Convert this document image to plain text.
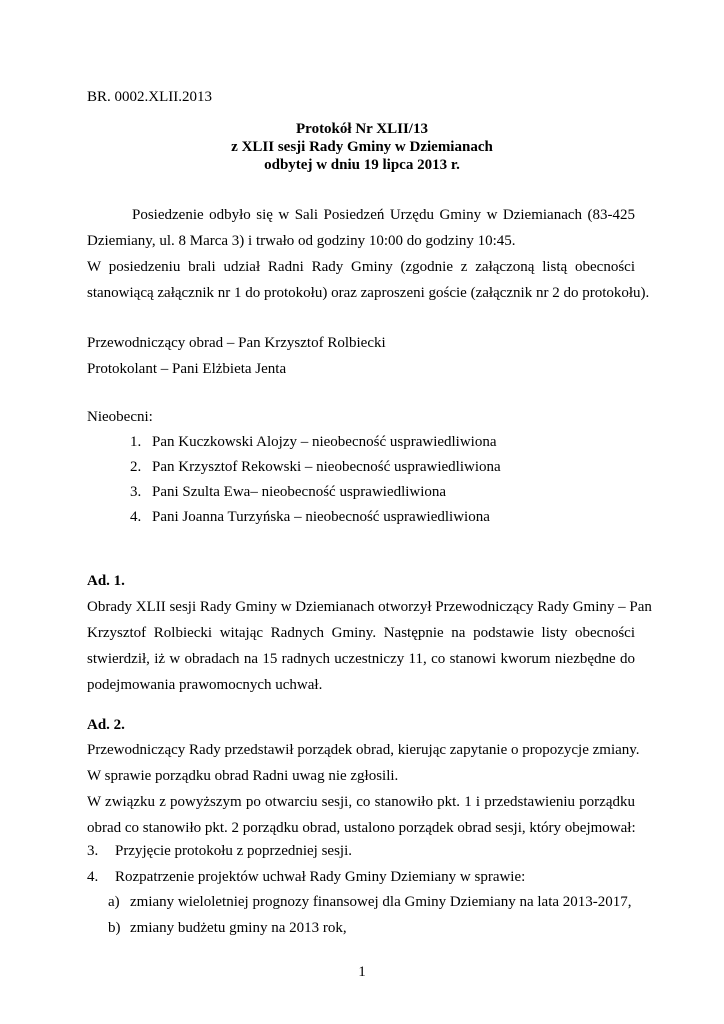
BR. 0002.XLII.2013
Protokół Nr XLII/13
z XLII sesji Rady Gminy w Dziemianach
odbytej w dniu 19 lipca 2013 r.
Posiedzenie odbyło się w Sali Posiedzeń Urzędu Gminy w Dziemianach (83-425
Dziemiany, ul. 8 Marca 3) i trwało od godziny 10:00 do godziny 10:45.
W posiedzeniu brali udział Radni Rady Gminy (zgodnie z załączoną listą obecności
stanowiącą załącznik nr 1 do protokołu) oraz zaproszeni goście (załącznik nr 2 do protokołu).
Przewodniczący obrad – Pan Krzysztof Rolbiecki
Protokolant – Pani Elżbieta Jenta
Nieobecni:
1. Pan Kuczkowski Alojzy – nieobecność usprawiedliwiona
2. Pan Krzysztof Rekowski – nieobecność usprawiedliwiona
3. Pani Szulta Ewa– nieobecność usprawiedliwiona
4. Pani Joanna Turzyńska – nieobecność usprawiedliwiona
Ad. 1.
Obrady XLII sesji Rady Gminy w Dziemianach otworzył Przewodniczący Rady Gminy – Pan
Krzysztof Rolbiecki witając Radnych Gminy. Następnie na podstawie listy obecności
stwierdził, iż w obradach na 15 radnych uczestniczy 11, co stanowi kworum niezbędne do
podejmowania prawomocnych uchwał.
Ad. 2.
Przewodniczący Rady przedstawił porządek obrad, kierując zapytanie o propozycje zmiany.
W sprawie porządku obrad Radni uwag nie zgłosili.
W związku z powyższym po otwarciu sesji, co stanowiło pkt. 1 i przedstawieniu porządku
obrad co stanowiło pkt. 2 porządku obrad, ustalono porządek obrad sesji, który obejmował:
3. Przyjęcie protokołu z poprzedniej sesji.
4. Rozpatrzenie projektów uchwał Rady Gminy Dziemiany w sprawie:
a) zmiany wieloletniej prognozy finansowej dla Gminy Dziemiany na lata 2013-2017,
b) zmiany budżetu gminy na 2013 rok,
1
